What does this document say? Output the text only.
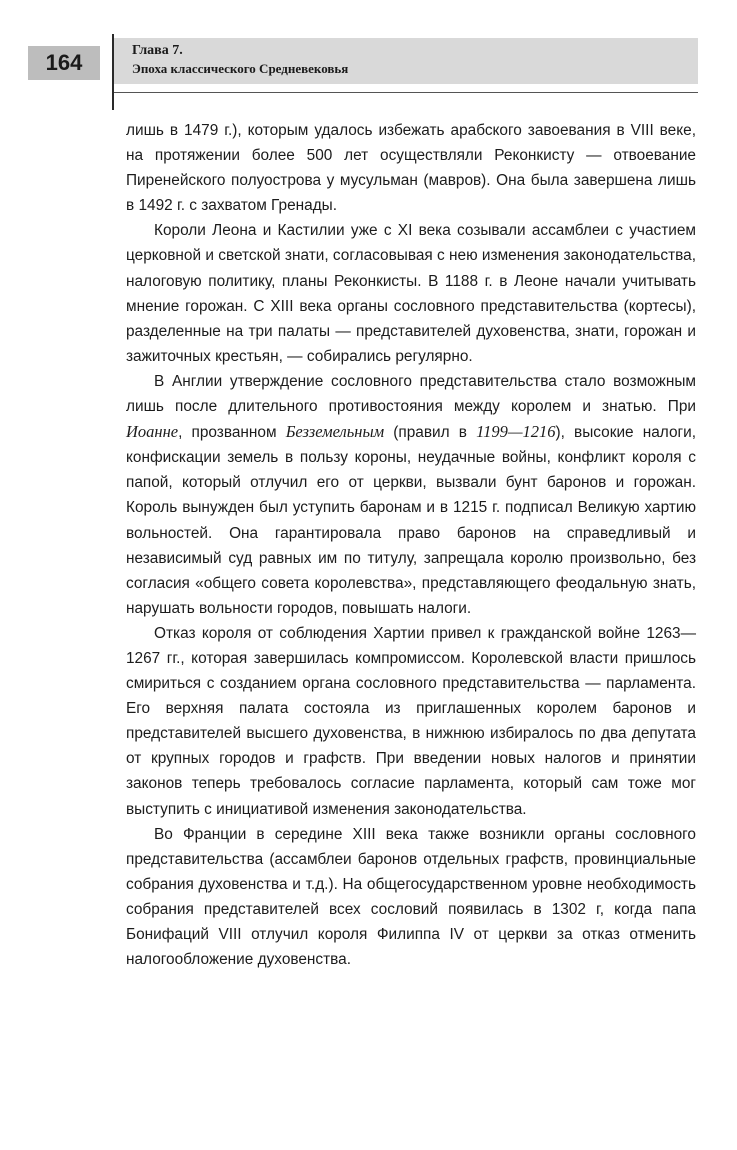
164	Глава 7.
Эпоха классического Средневековья

лишь в 1479 г.), которым удалось избежать арабского завоевания в VIII веке, на протяжении более 500 лет осуществляли Реконкисту — отвоевание Пиренейского полуострова у мусульман (мавров). Она была завершена лишь в 1492 г. с захватом Гренады.

Короли Леона и Кастилии уже с XI века созывали ассамблеи с участием церковной и светской знати, согласовывая с нею изменения законодательства, налоговую политику, планы Реконкисты. В 1188 г. в Леоне начали учитывать мнение горожан. С XIII века органы сословного представительства (кортесы), разделенные на три палаты — представителей духовенства, знати, горожан и зажиточных крестьян, — собирались регулярно.

В Англии утверждение сословного представительства стало возможным лишь после длительного противостояния между королем и знатью. При Иоанне, прозванном Безземельным (правил в 1199—1216), высокие налоги, конфискации земель в пользу короны, неудачные войны, конфликт короля с папой, который отлучил его от церкви, вызвали бунт баронов и горожан. Король вынужден был уступить баронам и в 1215 г. подписал Великую хартию вольностей. Она гарантировала право баронов на справедливый и независимый суд равных им по титулу, запрещала королю произвольно, без согласия «общего совета королевства», представляющего феодальную знать, нарушать вольности городов, повышать налоги.

Отказ короля от соблюдения Хартии привел к гражданской войне 1263—1267 гг., которая завершилась компромиссом. Королевской власти пришлось смириться с созданием органа сословного представительства — парламента. Его верхняя палата состояла из приглашенных королем баронов и представителей высшего духовенства, в нижнюю избиралось по два депутата от крупных городов и графств. При введении новых налогов и принятии законов теперь требовалось согласие парламента, который сам тоже мог выступить с инициативой изменения законодательства.

Во Франции в середине XIII века также возникли органы сословного представительства (ассамблеи баронов отдельных графств, провинциальные собрания духовенства и т.д.). На общегосударственном уровне необходимость собрания представителей всех сословий появилась в 1302 г, когда папа Бонифаций VIII отлучил короля Филиппа IV от церкви за отказ отменить налогообложение духовенства.
